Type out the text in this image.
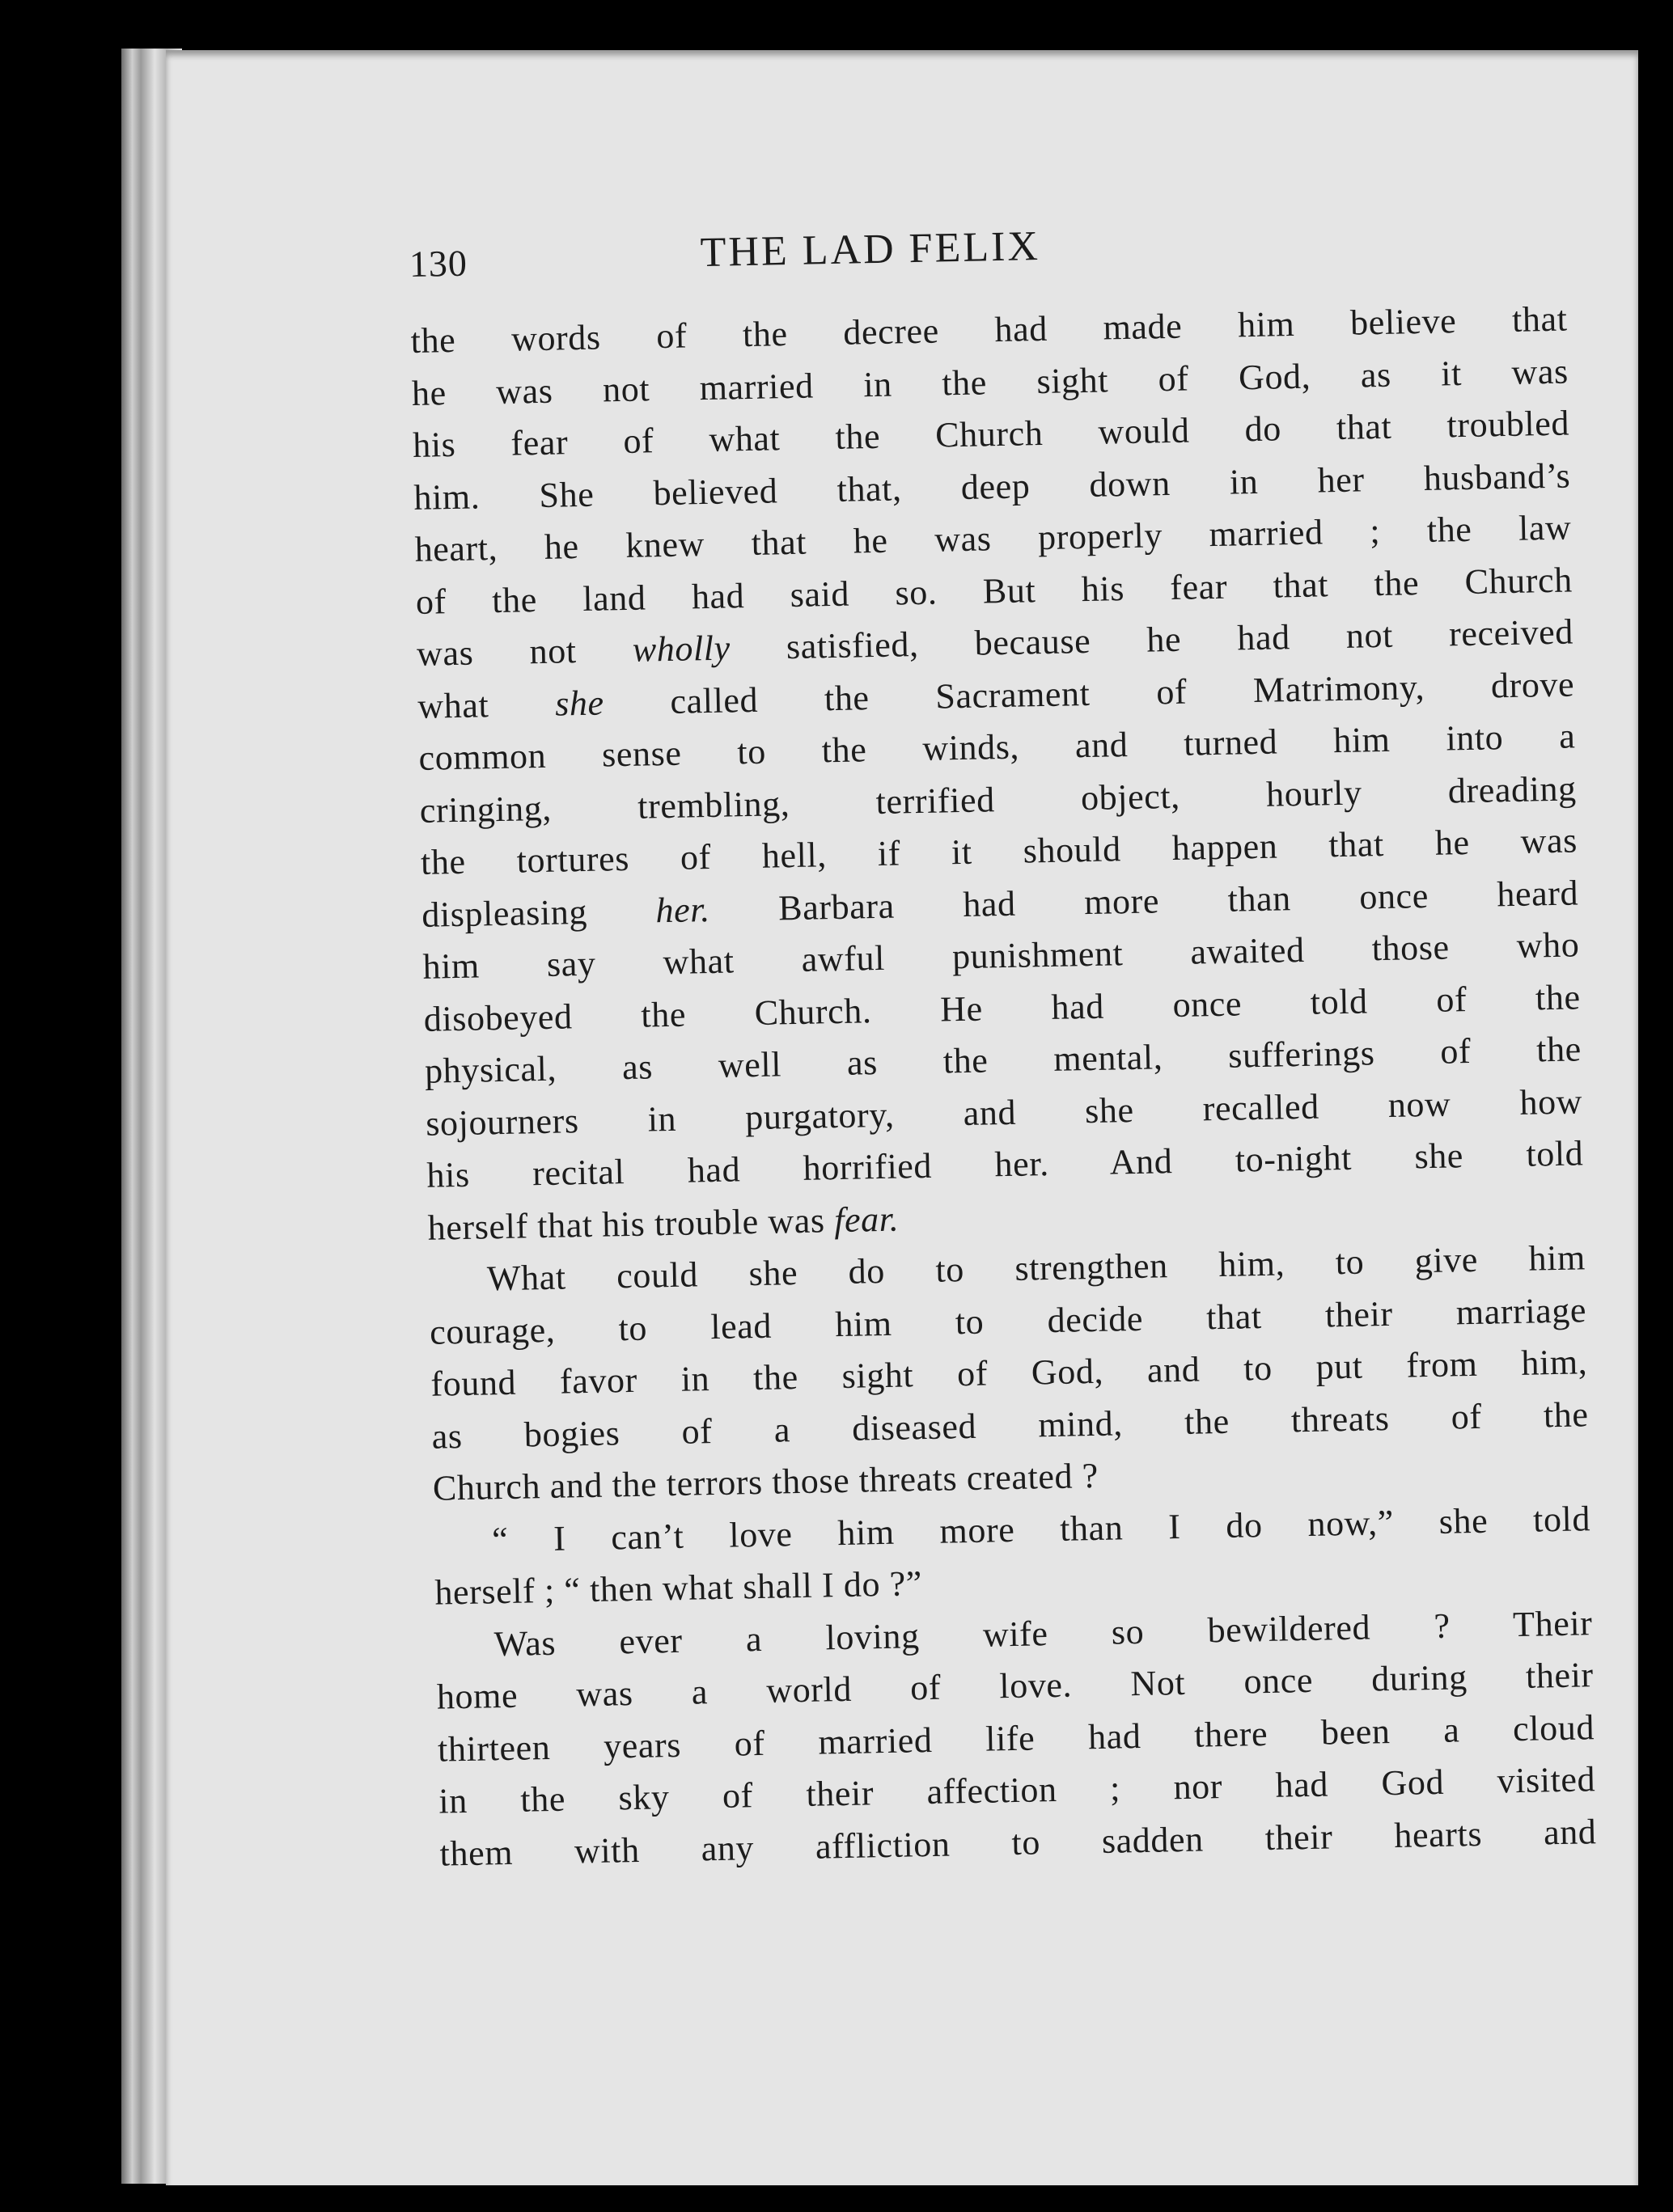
130	THE LAD FELIX
the words of the decree had made him believe that
he was not married in the sight of God, as it was
his fear of what the Church would do that troubled
him. She believed that, deep down in her husband’s
heart, he knew that he was properly married ; the law
of the land had said so. But his fear that the Church
was not wholly satisfied, because he had not received
what she called the Sacrament of Matrimony, drove
common sense to the winds, and turned him into a
cringing, trembling, terrified object, hourly dreading
the tortures of hell, if it should happen that he was
displeasing her. Barbara had more than once heard
him say what awful punishment awaited those who
disobeyed the Church. He had once told of the
physical, as well as the mental, sufferings of the
sojourners in purgatory, and she recalled now how
his recital had horrified her. And to-night she told
herself that his trouble was fear.
What could she do to strengthen him, to give him
courage, to lead him to decide that their marriage
found favor in the sight of God, and to put from him,
as bogies of a diseased mind, the threats of the
Church and the terrors those threats created ?
“ I can’t love him more than I do now,” she told
herself ; “ then what shall I do ?”
Was ever a loving wife so bewildered ? Their
home was a world of love. Not once during their
thirteen years of married life had there been a cloud
in the sky of their affection ; nor had God visited
them with any affliction to sadden their hearts and
